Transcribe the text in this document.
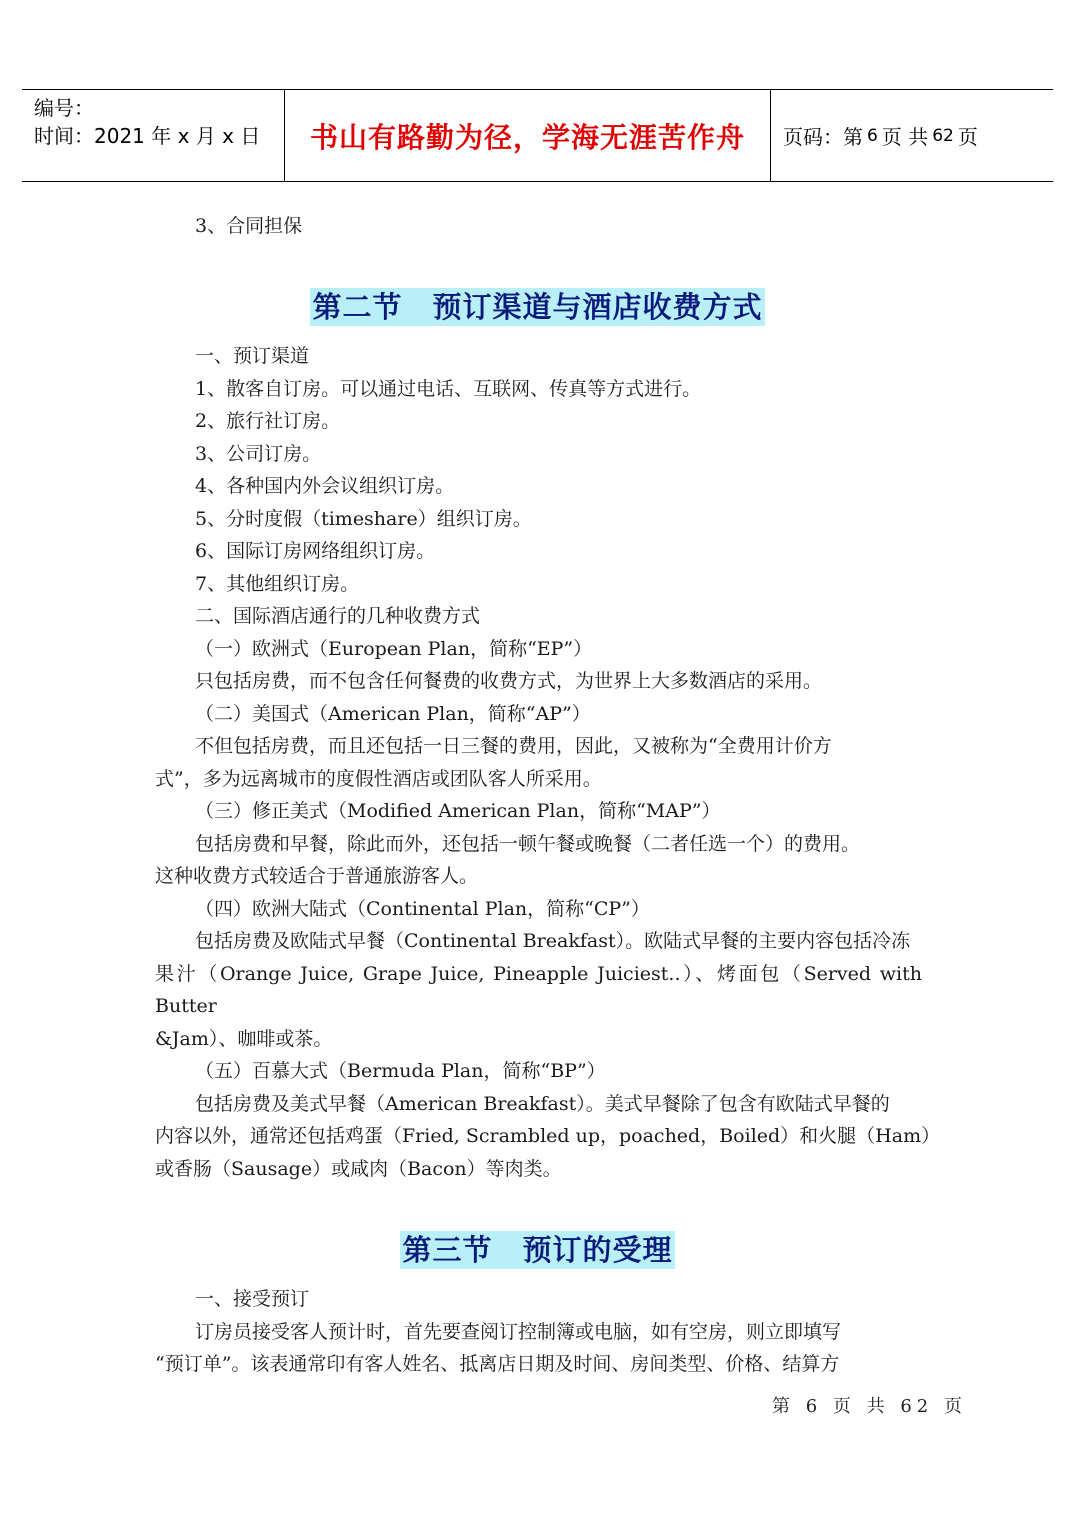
编号：
时间：2021 年 x 月 x 日	书山有路勤为径，学海无涯苦作舟	页码：第 6 页 共 62 页
3、合同担保
第二节　预订渠道与酒店收费方式
一、预订渠道
1、散客自订房。可以通过电话、互联网、传真等方式进行。
2、旅行社订房。
3、公司订房。
4、各种国内外会议组织订房。
5、分时度假（timeshare）组织订房。
6、国际订房网络组织订房。
7、其他组织订房。
二、国际酒店通行的几种收费方式
（一）欧洲式（European Plan，简称“EP”）
只包括房费，而不包含任何餐费的收费方式，为世界上大多数酒店的采用。
（二）美国式（American Plan，简称“AP”）
不但包括房费，而且还包括一日三餐的费用，因此，又被称为“全费用计价方
式”，多为远离城市的度假性酒店或团队客人所采用。
（三）修正美式（Modified American Plan，简称“MAP”）
包括房费和早餐，除此而外，还包括一顿午餐或晚餐（二者任选一个）的费用。
这种收费方式较适合于普通旅游客人。
（四）欧洲大陆式（Continental Plan，简称“CP”）
包括房费及欧陆式早餐（Continental Breakfast）。欧陆式早餐的主要内容包括冷冻
果汁（Orange Juice, Grape Juice, Pineapple Juiciest..）、烤面包（Served with Butter
&Jam）、咖啡或茶。
（五）百慕大式（Bermuda Plan，简称“BP”）
包括房费及美式早餐（American Breakfast）。美式早餐除了包含有欧陆式早餐的
内容以外，通常还包括鸡蛋（Fried, Scrambled up，poached，Boiled）和火腿（Ham）
或香肠（Sausage）或咸肉（Bacon）等肉类。
第三节　预订的受理
一、接受预订
订房员接受客人预计时，首先要查阅订控制簿或电脑，如有空房，则立即填写
“预订单”。该表通常印有客人姓名、抵离店日期及时间、房间类型、价格、结算方
第 6 页 共 62 页
